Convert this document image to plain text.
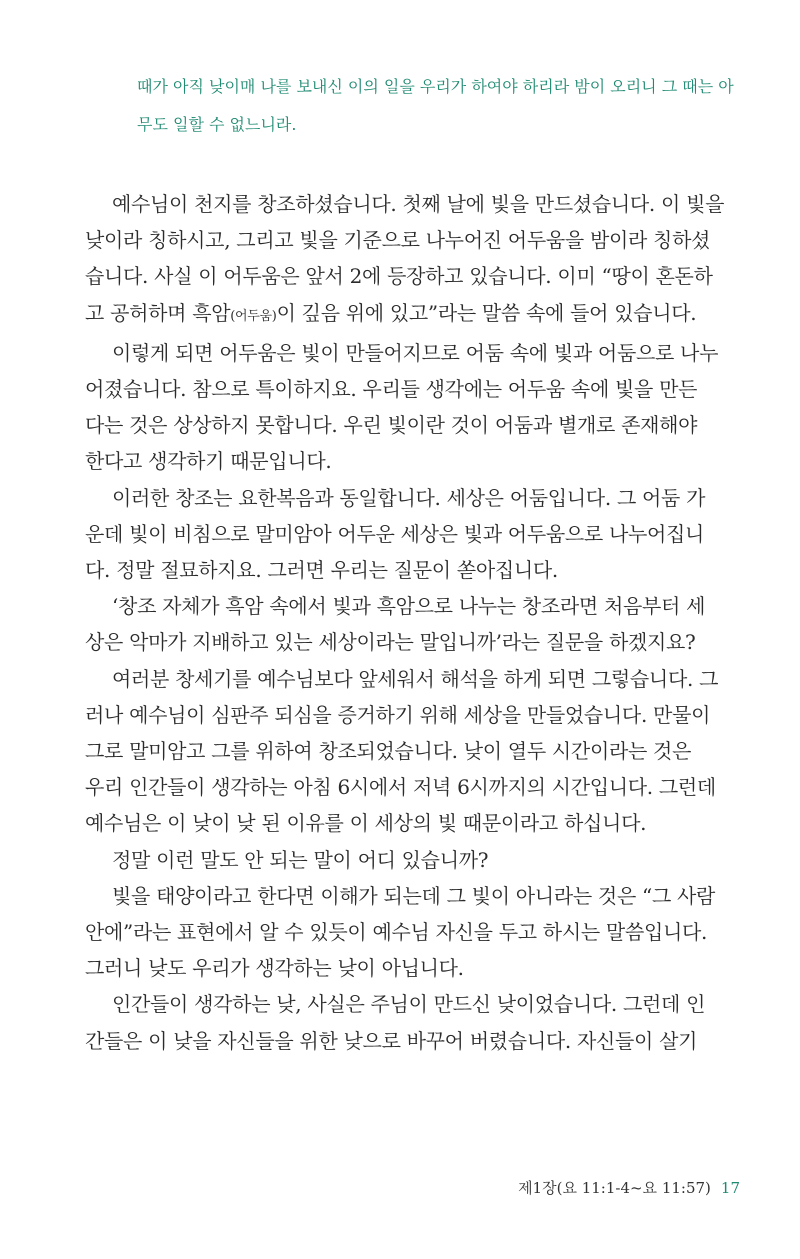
때가 아직 낮이매 나를 보내신 이의 일을 우리가 하여야 하리라 밤이 오리니 그 때는 아
무도 일할 수 없느니라.
예수님이 천지를 창조하셨습니다. 첫째 날에 빛을 만드셨습니다. 이 빛을
낮이라 칭하시고, 그리고 빛을 기준으로 나누어진 어두움을 밤이라 칭하셨
습니다. 사실 이 어두움은 앞서 2에 등장하고 있습니다. 이미 “땅이 혼돈하
고 공허하며 흑암(어두움)이 깊음 위에 있고”라는 말씀 속에 들어 있습니다.
이렇게 되면 어두움은 빛이 만들어지므로 어둠 속에 빛과 어둠으로 나누
어졌습니다. 참으로 특이하지요. 우리들 생각에는 어두움 속에 빛을 만든
다는 것은 상상하지 못합니다. 우린 빛이란 것이 어둠과 별개로 존재해야
한다고 생각하기 때문입니다.
이러한 창조는 요한복음과 동일합니다. 세상은 어둠입니다. 그 어둠 가
운데 빛이 비침으로 말미암아 어두운 세상은 빛과 어두움으로 나누어집니
다. 정말 절묘하지요. 그러면 우리는 질문이 쏟아집니다.
‘창조 자체가 흑암 속에서 빛과 흑암으로 나누는 창조라면 처음부터 세
상은 악마가 지배하고 있는 세상이라는 말입니까’라는 질문을 하겠지요?
여러분 창세기를 예수님보다 앞세워서 해석을 하게 되면 그렇습니다. 그
러나 예수님이 심판주 되심을 증거하기 위해 세상을 만들었습니다. 만물이
그로 말미암고 그를 위하여 창조되었습니다. 낮이 열두 시간이라는 것은
우리 인간들이 생각하는 아침 6시에서 저녁 6시까지의 시간입니다. 그런데
예수님은 이 낮이 낮 된 이유를 이 세상의 빛 때문이라고 하십니다.
정말 이런 말도 안 되는 말이 어디 있습니까?
빛을 태양이라고 한다면 이해가 되는데 그 빛이 아니라는 것은 “그 사람
안에”라는 표현에서 알 수 있듯이 예수님 자신을 두고 하시는 말씀입니다.
그러니 낮도 우리가 생각하는 낮이 아닙니다.
인간들이 생각하는 낮, 사실은 주님이 만드신 낮이었습니다. 그런데 인
간들은 이 낮을 자신들을 위한 낮으로 바꾸어 버렸습니다. 자신들이 살기
제1장(요 11:1-4~요 11:57) 17
